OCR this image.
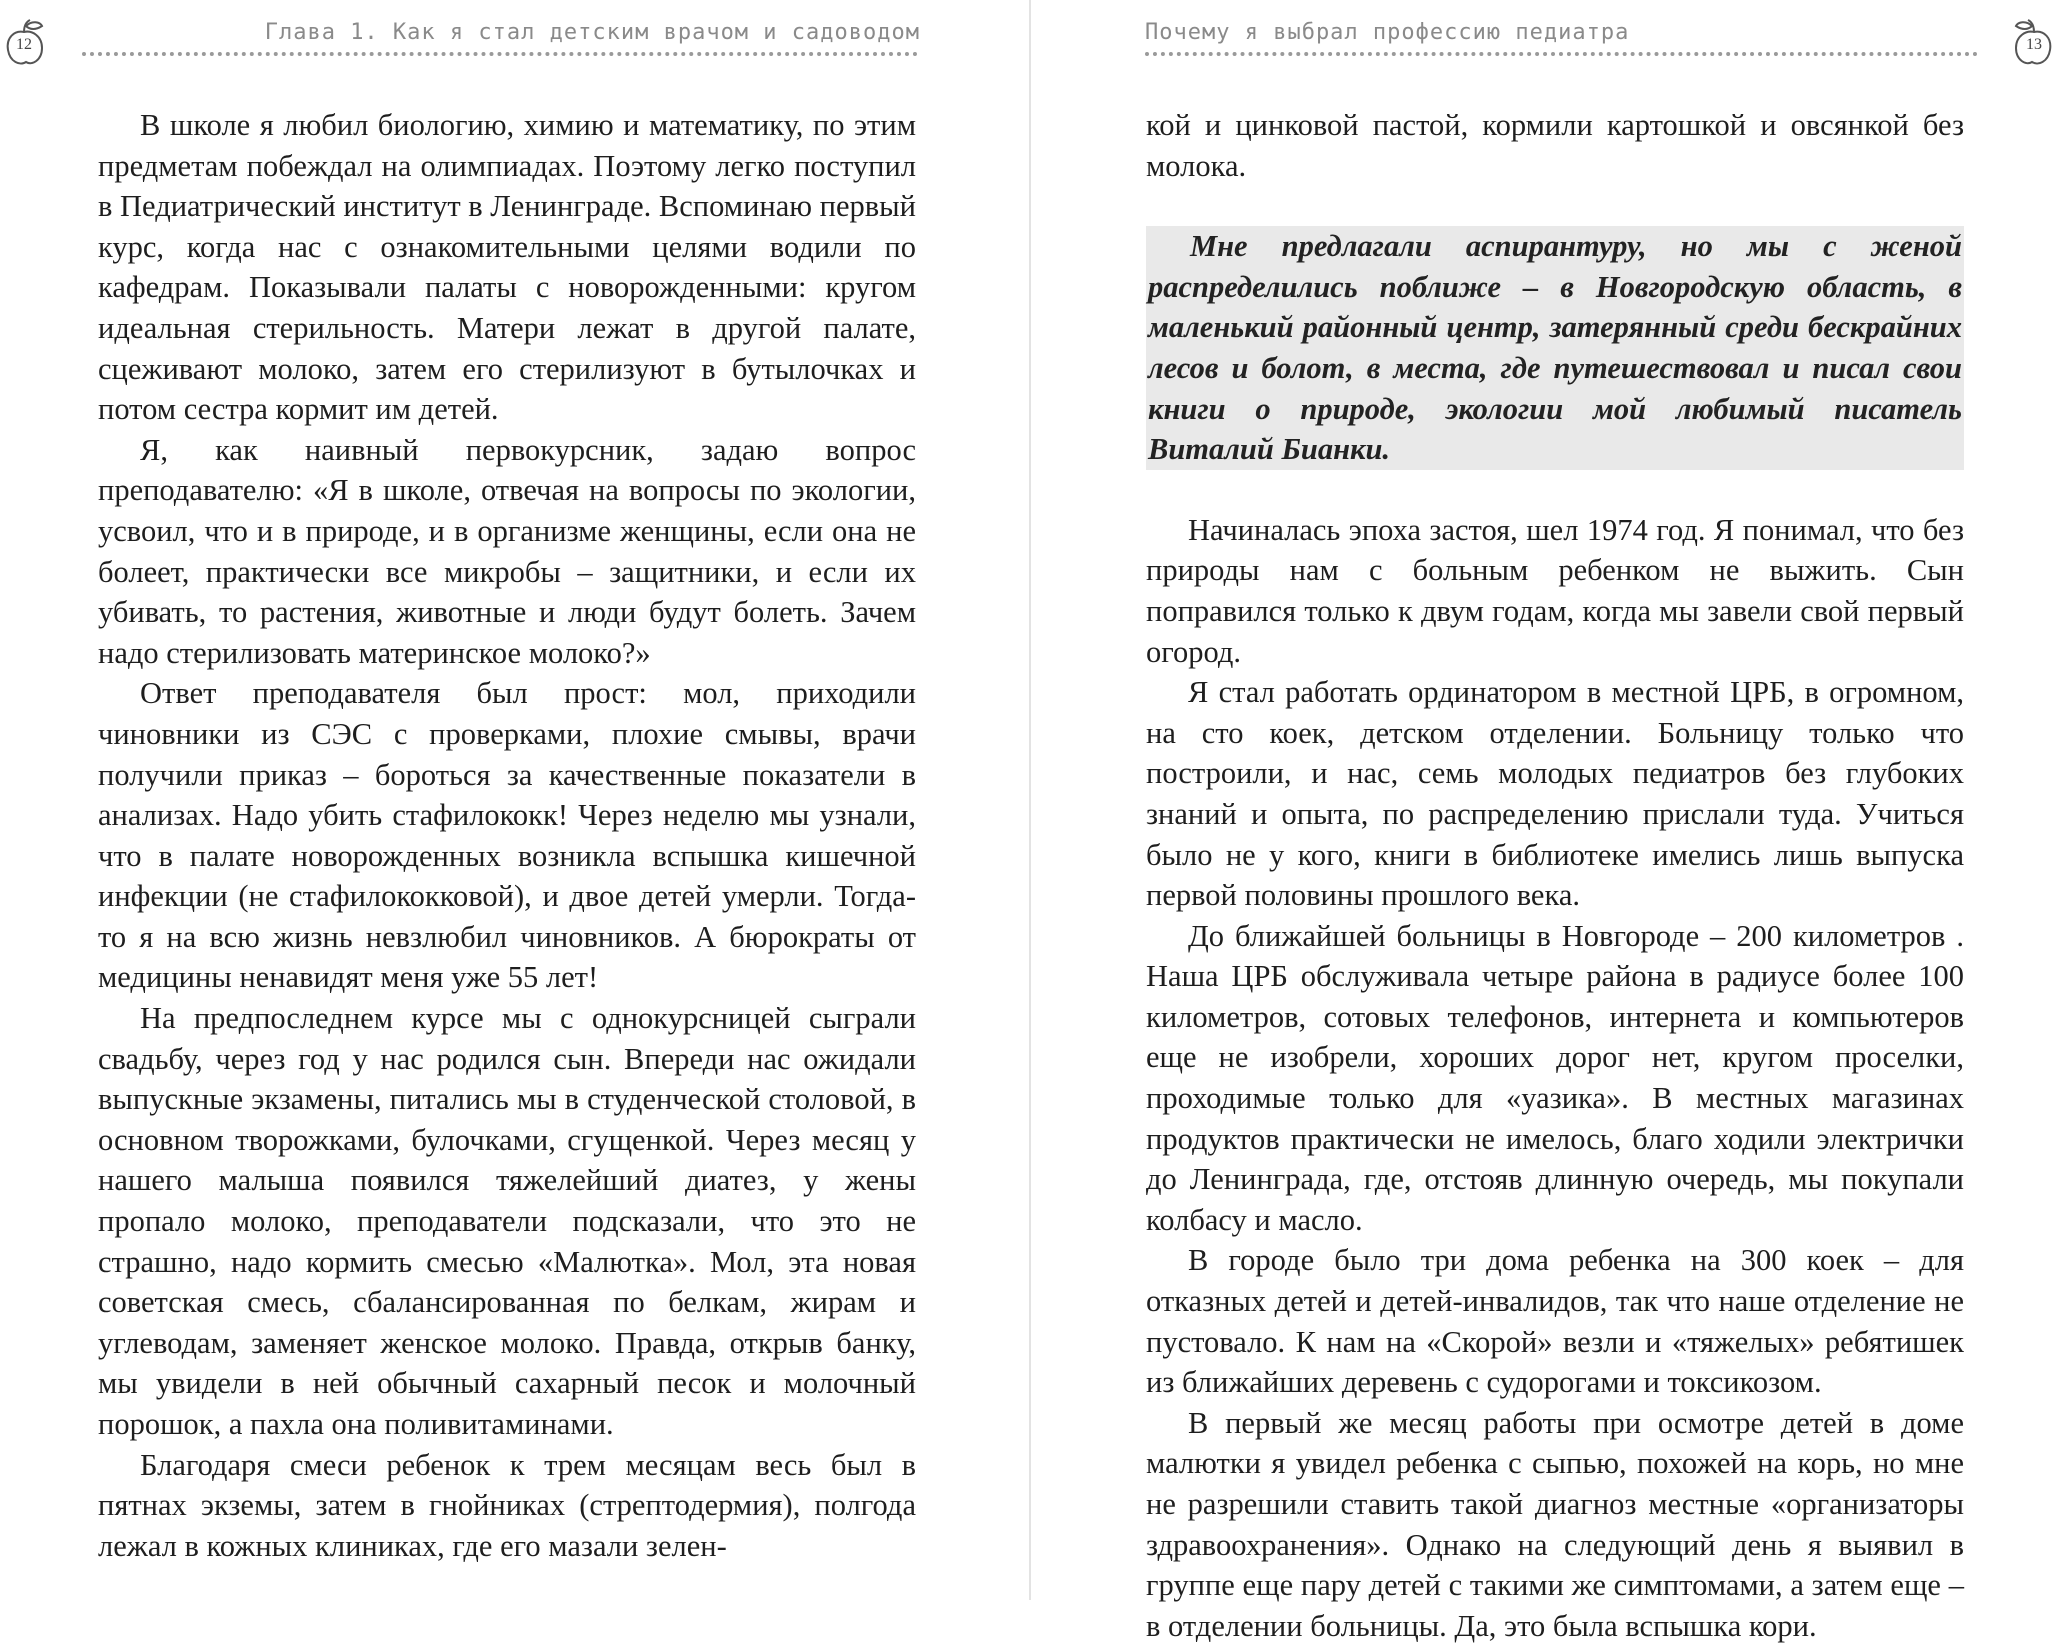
12	Глава 1. Как я стал детским врачом и садоводом

В школе я любил биологию, химию и математику, по этим предметам побеждал на олимпиадах. Поэтому легко поступил в Педиатрический институт в Ленинграде. Вспоминаю первый курс, когда нас с ознакомительными целями водили по кафедрам. Показывали палаты с новорожденными: кругом идеальная стерильность. Матери лежат в другой палате, сцеживают молоко, затем его стерилизуют в бутылочках и потом сестра кормит им детей.

Я, как наивный первокурсник, задаю вопрос преподавателю: «Я в школе, отвечая на вопросы по экологии, усвоил, что и в природе, и в организме женщины, если она не болеет, практически все микробы – защитники, и если их убивать, то растения, животные и люди будут болеть. Зачем надо стерилизовать материнское молоко?»

Ответ преподавателя был прост: мол, приходили чиновники из СЭС с проверками, плохие смывы, врачи получили приказ – бороться за качественные показатели в анализах. Надо убить стафилококк! Через неделю мы узнали, что в палате новорожденных возникла вспышка кишечной инфекции (не стафилококковой), и двое детей умерли. Тогда-то я на всю жизнь невзлюбил чиновников. А бюрократы от медицины ненавидят меня уже 55 лет!

На предпоследнем курсе мы с однокурсницей сыграли свадьбу, через год у нас родился сын. Впереди нас ожидали выпускные экзамены, питались мы в студенческой столовой, в основном творожками, булочками, сгущенкой. Через месяц у нашего малыша появился тяжелейший диатез, у жены пропало молоко, преподаватели подсказали, что это не страшно, надо кормить смесью «Малютка». Мол, эта новая советская смесь, сбалансированная по белкам, жирам и углеводам, заменяет женское молоко. Правда, открыв банку, мы увидели в ней обычный сахарный песок и молочный порошок, а пахла она поливитаминами.

Благодаря смеси ребенок к трем месяцам весь был в пятнах экземы, затем в гнойниках (стрептодермия), полгода лежал в кожных клиниках, где его мазали зелен-

Почему я выбрал профессию педиатра	13

кой и цинковой пастой, кормили картошкой и овсянкой без молока.

Мне предлагали аспирантуру, но мы с женой распределились поближе – в Новгородскую область, в маленький районный центр, затерянный среди бескрайних лесов и болот, в места, где путешествовал и писал свои книги о природе, экологии мой любимый писатель Виталий Бианки.

Начиналась эпоха застоя, шел 1974 год. Я понимал, что без природы нам с больным ребенком не выжить. Сын поправился только к двум годам, когда мы завели свой первый огород.

Я стал работать ординатором в местной ЦРБ, в огромном, на сто коек, детском отделении. Больницу только что построили, и нас, семь молодых педиатров без глубоких знаний и опыта, по распределению прислали туда. Учиться было не у кого, книги в библиотеке имелись лишь выпуска первой половины прошлого века.

До ближайшей больницы в Новгороде – 200 километров . Наша ЦРБ обслуживала четыре района в радиусе более 100 километров, сотовых телефонов, интернета и компьютеров еще не изобрели, хороших дорог нет, кругом проселки, проходимые только для «уазика». В местных магазинах продуктов практически не имелось, благо ходили электрички до Ленинграда, где, отстояв длинную очередь, мы покупали колбасу и масло.

В городе было три дома ребенка на 300 коек – для отказных детей и детей-инвалидов, так что наше отделение не пустовало. К нам на «Скорой» везли и «тяжелых» ребятишек из ближайших деревень с судорогами и токсикозом.

В первый же месяц работы при осмотре детей в доме малютки я увидел ребенка с сыпью, похожей на корь, но мне не разрешили ставить такой диагноз местные «организаторы здравоохранения». Однако на следующий день я выявил в группе еще пару детей с такими же симптомами, а затем еще – в отделении больницы. Да, это была вспышка кори.
